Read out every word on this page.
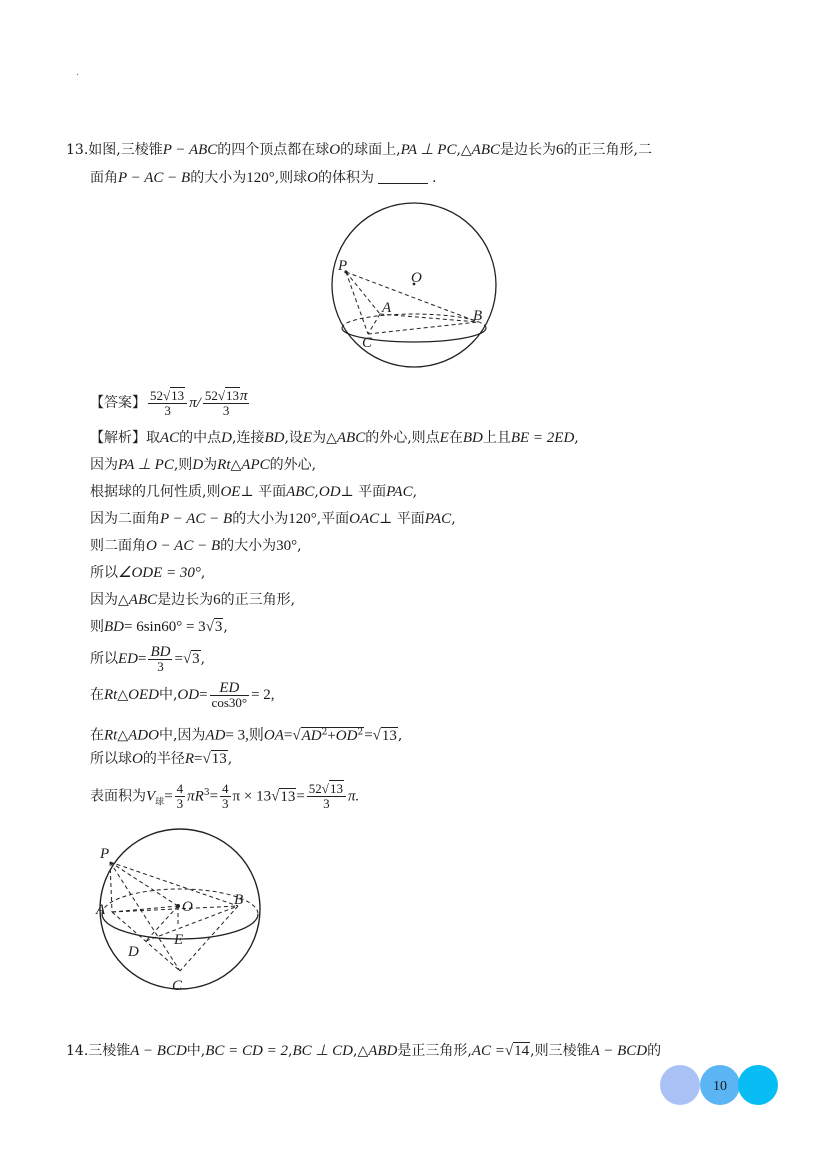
·
13.如图,三棱锥P − ABC的四个顶点都在球O的球面上,PA ⊥ PC,△ABC是边长为6的正三角形,二
面角P − AC − B的大小为120°,则球O的体积为	.
P
O
A	B
C
【答案】 $\frac{52√13}{3} \pi/ \frac{52√13\pi}{3}$
【解析】取AC的中点D,连接BD,设E为△ABC的外心,则点E在BD上且BE = 2ED,
因为PA ⊥ PC,则D为Rt△APC的外心,
根据球的几何性质,则OE⊥ 平面ABC,OD⊥ 平面PAC,
因为二面角P − AC − B的大小为120°,平面OAC⊥ 平面PAC,
则二面角O − AC − B的大小为30°,
所以∠ODE = 30°,
因为△ABC是边长为6的正三角形,
则BD= 6sin60° = 3√3,
所以$ED= \frac{BD}{3} =√3$,
在Rt△OED中$,OD= \frac{ED}{\cos 30^\circ} = 2$,
在Rt△ADO中,因为AD= 3,则$OA=√AD^2+OD^2=√13$,
所以球O的半径R=√13,
表面积为$V_球= \frac{4}{3} \pi R^3= \frac{4}{3}$ $\pi \times 13√13= \frac{52√13}{3} \pi$.
P
A	O	B
D
E
C
14.三棱锥A − BCD中,BC = CD = 2,BC ⊥ CD,△ABD是正三角形,AC =√14,则三棱锥A − BCD的
10
